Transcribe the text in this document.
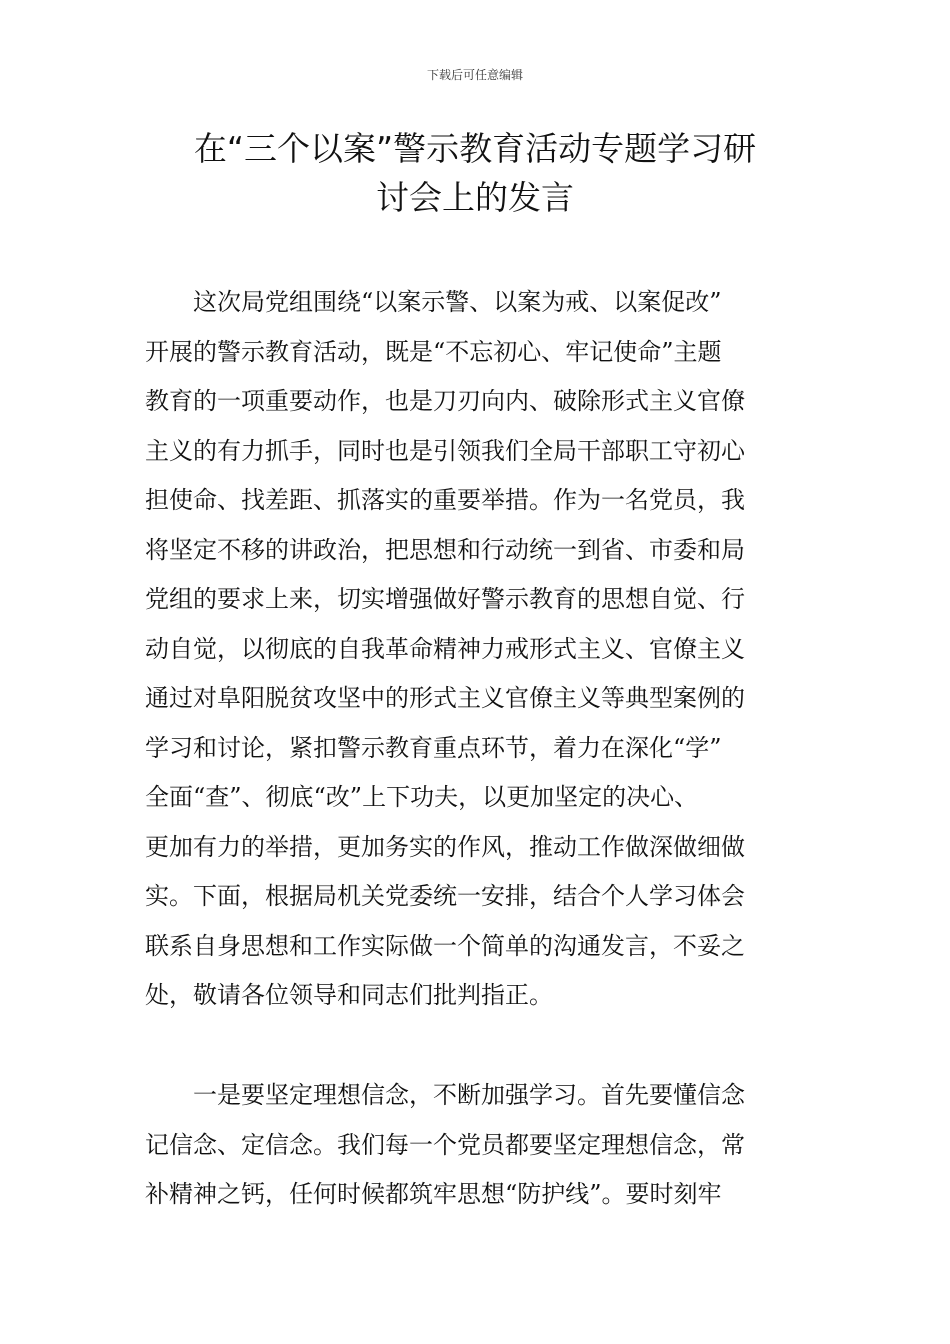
下载后可任意编辑
在“三个以案”警示教育活动专题学习研
讨会上的发言
　　这次局党组围绕“以案示警、以案为戒、以案促改”
开展的警示教育活动，既是“不忘初心、牢记使命”主题
教育的一项重要动作，也是刀刃向内、破除形式主义官僚
主义的有力抓手，同时也是引领我们全局干部职工守初心
担使命、找差距、抓落实的重要举措。作为一名党员，我
将坚定不移的讲政治，把思想和行动统一到省、市委和局
党组的要求上来，切实增强做好警示教育的思想自觉、行
动自觉，以彻底的自我革命精神力戒形式主义、官僚主义
通过对阜阳脱贫攻坚中的形式主义官僚主义等典型案例的
学习和讨论，紧扣警示教育重点环节，着力在深化“学”
全面“查”、彻底“改”上下功夫，以更加坚定的决心、
更加有力的举措，更加务实的作风，推动工作做深做细做
实。下面，根据局机关党委统一安排，结合个人学习体会
联系自身思想和工作实际做一个简单的沟通发言，不妥之
处，敬请各位领导和同志们批判指正。
　　一是要坚定理想信念，不断加强学习。首先要懂信念
记信念、定信念。我们每一个党员都要坚定理想信念，常
补精神之钙，任何时候都筑牢思想“防护线”。要时刻牢
